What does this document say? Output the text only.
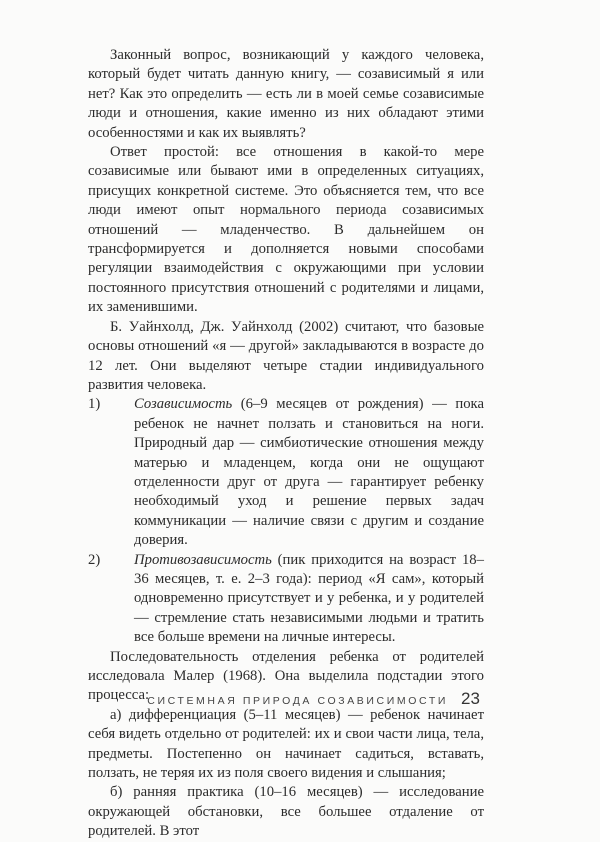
Законный вопрос, возникающий у каждого человека, который будет читать данную книгу, — созависимый я или нет? Как это определить — есть ли в моей семье созависимые люди и отношения, какие именно из них обладают этими особенностями и как их выявлять?

Ответ простой: все отношения в какой-то мере созависимые или бывают ими в определенных ситуациях, присущих конкретной системе. Это объясняется тем, что все люди имеют опыт нормального периода созависимых отношений — младенчество. В дальнейшем он трансформируется и дополняется новыми способами регуляции взаимодействия с окружающими при условии постоянного присутствия отношений с родителями и лицами, их заменившими.

Б. Уайнхолд, Дж. Уайнхолд (2002) считают, что базовые основы отношений «я — другой» закладываются в возрасте до 12 лет. Они выделяют четыре стадии индивидуального развития человека.

1)	Созависимость (6–9 месяцев от рождения) — пока ребенок не начнет ползать и становиться на ноги. Природный дар — симбиотические отношения между матерью и младенцем, когда они не ощущают отделенности друг от друга — гарантирует ребенку необходимый уход и решение первых задач коммуникации — наличие связи с другим и создание доверия.
2)	Противозависимость (пик приходится на возраст 18–36 месяцев, т. е. 2–3 года): период «Я сам», который одновременно присутствует и у ребенка, и у родителей — стремление стать независимыми людьми и тратить все больше времени на личные интересы.

Последовательность отделения ребенка от родителей исследовала Малер (1968). Она выделила подстадии этого процесса:

а) дифференциация (5–11 месяцев) — ребенок начинает себя видеть отдельно от родителей: их и свои части лица, тела, предметы. Постепенно он начинает садиться, вставать, ползать, не теряя их из поля своего видения и слышания;

б) ранняя практика (10–16 месяцев) — исследование окружающей обстановки, все большее отдаление от родителей. В этот

СИСТЕМНАЯ ПРИРОДА СОЗАВИСИМОСТИ 23
